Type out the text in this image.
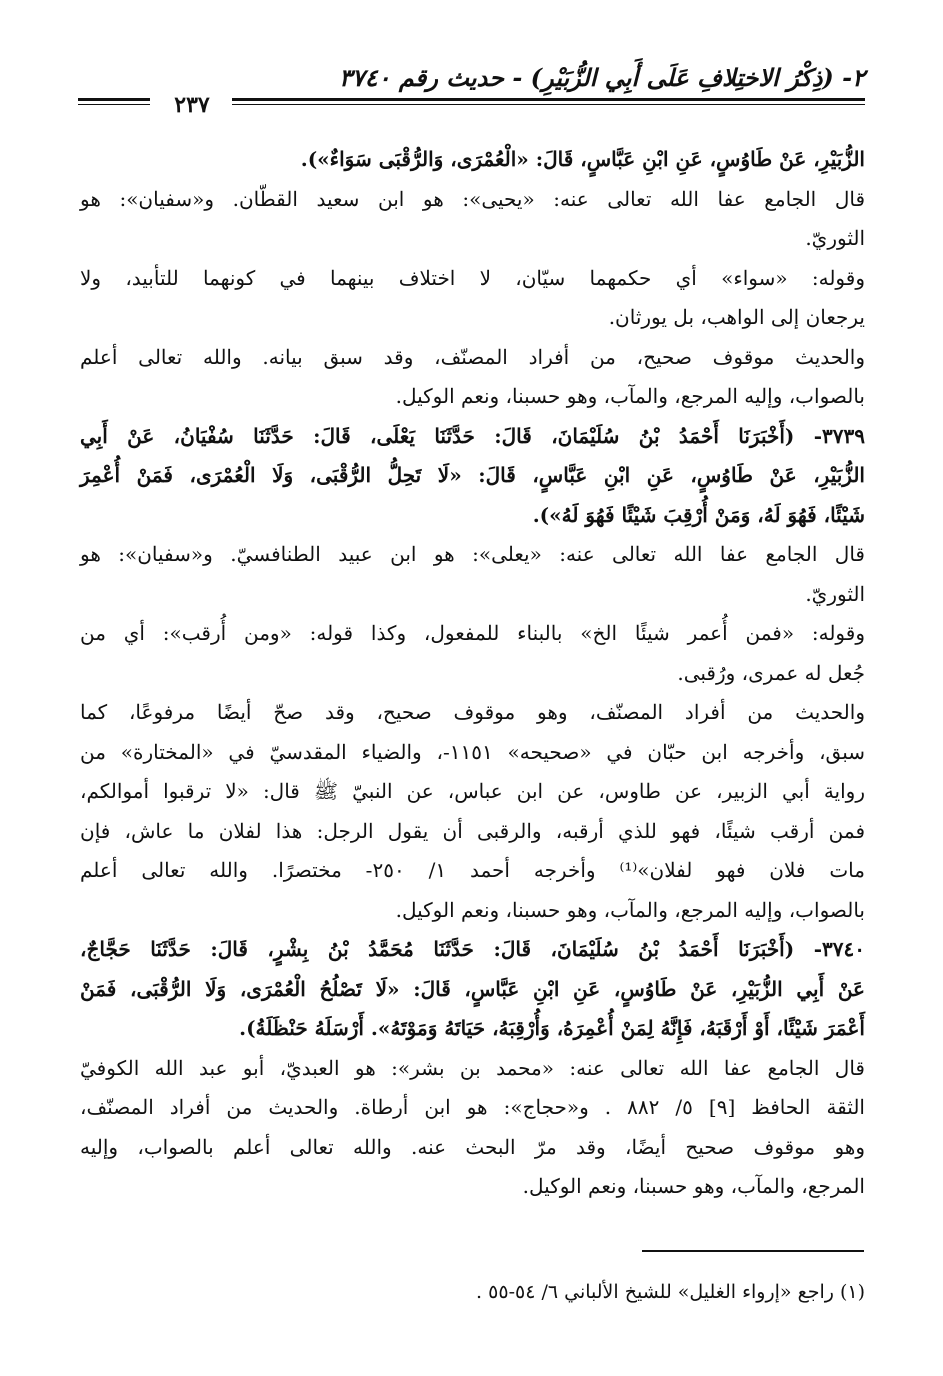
٢- (ذِكْرُ الاختِلافِ عَلَى أَبِي الزُّبَيْرِ) - حديث رقم ٣٧٤٠
٢٣٧
الزُّبَيْرِ، عَنْ طَاوُسٍ، عَنِ ابْنِ عَبَّاسٍ، قَالَ: «الْعُمْرَى، وَالرُّقْبَى سَوَاءٌ»).
قال الجامع عفا الله تعالى عنه: «يحيى»: هو ابن سعيد القطّان. و«سفيان»: هو
الثوريّ.
وقوله: «سواء» أي حكمهما سيّان، لا اختلاف بينهما في كونهما للتأبيد، ولا
يرجعان إلى الواهب، بل يورثان.
والحديث موقوف صحيح، من أفراد المصنّف، وقد سبق بيانه. والله تعالى أعلم
بالصواب، وإليه المرجع، والمآب، وهو حسبنا، ونعم الوكيل.
٣٧٣٩- (أَخْبَرَنَا أَحْمَدُ بْنُ سُلَيْمَانَ، قَالَ: حَدَّثَنَا يَعْلَى، قَالَ: حَدَّثَنَا سُفْيَانُ، عَنْ أَبِي
الزُّبَيْرِ، عَنْ طَاوُسٍ، عَنِ ابْنِ عَبَّاسٍ، قَالَ: «لَا تَحِلُّ الرُّقْبَى، وَلَا الْعُمْرَى، فَمَنْ أُعْمِرَ
شَيْئًا، فَهُوَ لَهُ، وَمَنْ أُرْقِبَ شَيْئًا فَهُوَ لَهُ»).
قال الجامع عفا الله تعالى عنه: «يعلى»: هو ابن عبيد الطنافسيّ. و«سفيان»: هو
الثوريّ.
وقوله: «فمن أُعمر شيئًا الخ» بالبناء للمفعول، وكذا قوله: «ومن أُرقب»: أي من
جُعل له عمرى، ورُقبى.
والحديث من أفراد المصنّف، وهو موقوف صحيح، وقد صحّ أيضًا مرفوعًا، كما
سبق، وأخرجه ابن حبّان في «صحيحه» ١١٥١-، والضياء المقدسيّ في «المختارة» من
رواية أبي الزبير، عن طاوس، عن ابن عباس، عن النبيّ ﷺ قال: «لا ترقبوا أموالكم،
فمن أرقب شيئًا، فهو للذي أرقبه، والرقبى أن يقول الرجل: هذا لفلان ما عاش، فإن
مات فلان فهو لفلان»⁽¹⁾ وأخرجه أحمد ١/ ٢٥٠- مختصرًا. والله تعالى أعلم
بالصواب، وإليه المرجع، والمآب، وهو حسبنا، ونعم الوكيل.
٣٧٤٠- (أَخْبَرَنَا أَحْمَدُ بْنُ سُلَيْمَانَ، قَالَ: حَدَّثَنَا مُحَمَّدُ بْنُ بِشْرٍ، قَالَ: حَدَّثَنَا حَجَّاجٌ،
عَنْ أَبِي الزُّبَيْرِ، عَنْ طَاوُسٍ، عَنِ ابْنِ عَبَّاسٍ، قَالَ: «لَا تَصْلُحُ الْعُمْرَى، وَلَا الرُّقْبَى، فَمَنْ
أَعْمَرَ شَيْئًا، أَوْ أَرْقَبَهُ، فَإِنَّهُ لِمَنْ أُعْمِرَهُ، وَأُرْقِبَهُ، حَيَاتَهُ وَمَوْتَهُ». أَرْسَلَهُ حَنْظَلَةُ).
قال الجامع عفا الله تعالى عنه: «محمد بن بشر»: هو العبديّ، أبو عبد الله الكوفيّ
الثقة الحافظ [٩] ٥/ ٨٨٢ . و«حجاج»: هو ابن أرطاة. والحديث من أفراد المصنّف،
وهو موقوف صحيح أيضًا، وقد مرّ البحث عنه. والله تعالى أعلم بالصواب، وإليه
المرجع، والمآب، وهو حسبنا، ونعم الوكيل.
(١) راجع «إرواء الغليل» للشيخ الألباني ٦/ ٥٤-٥٥ .
